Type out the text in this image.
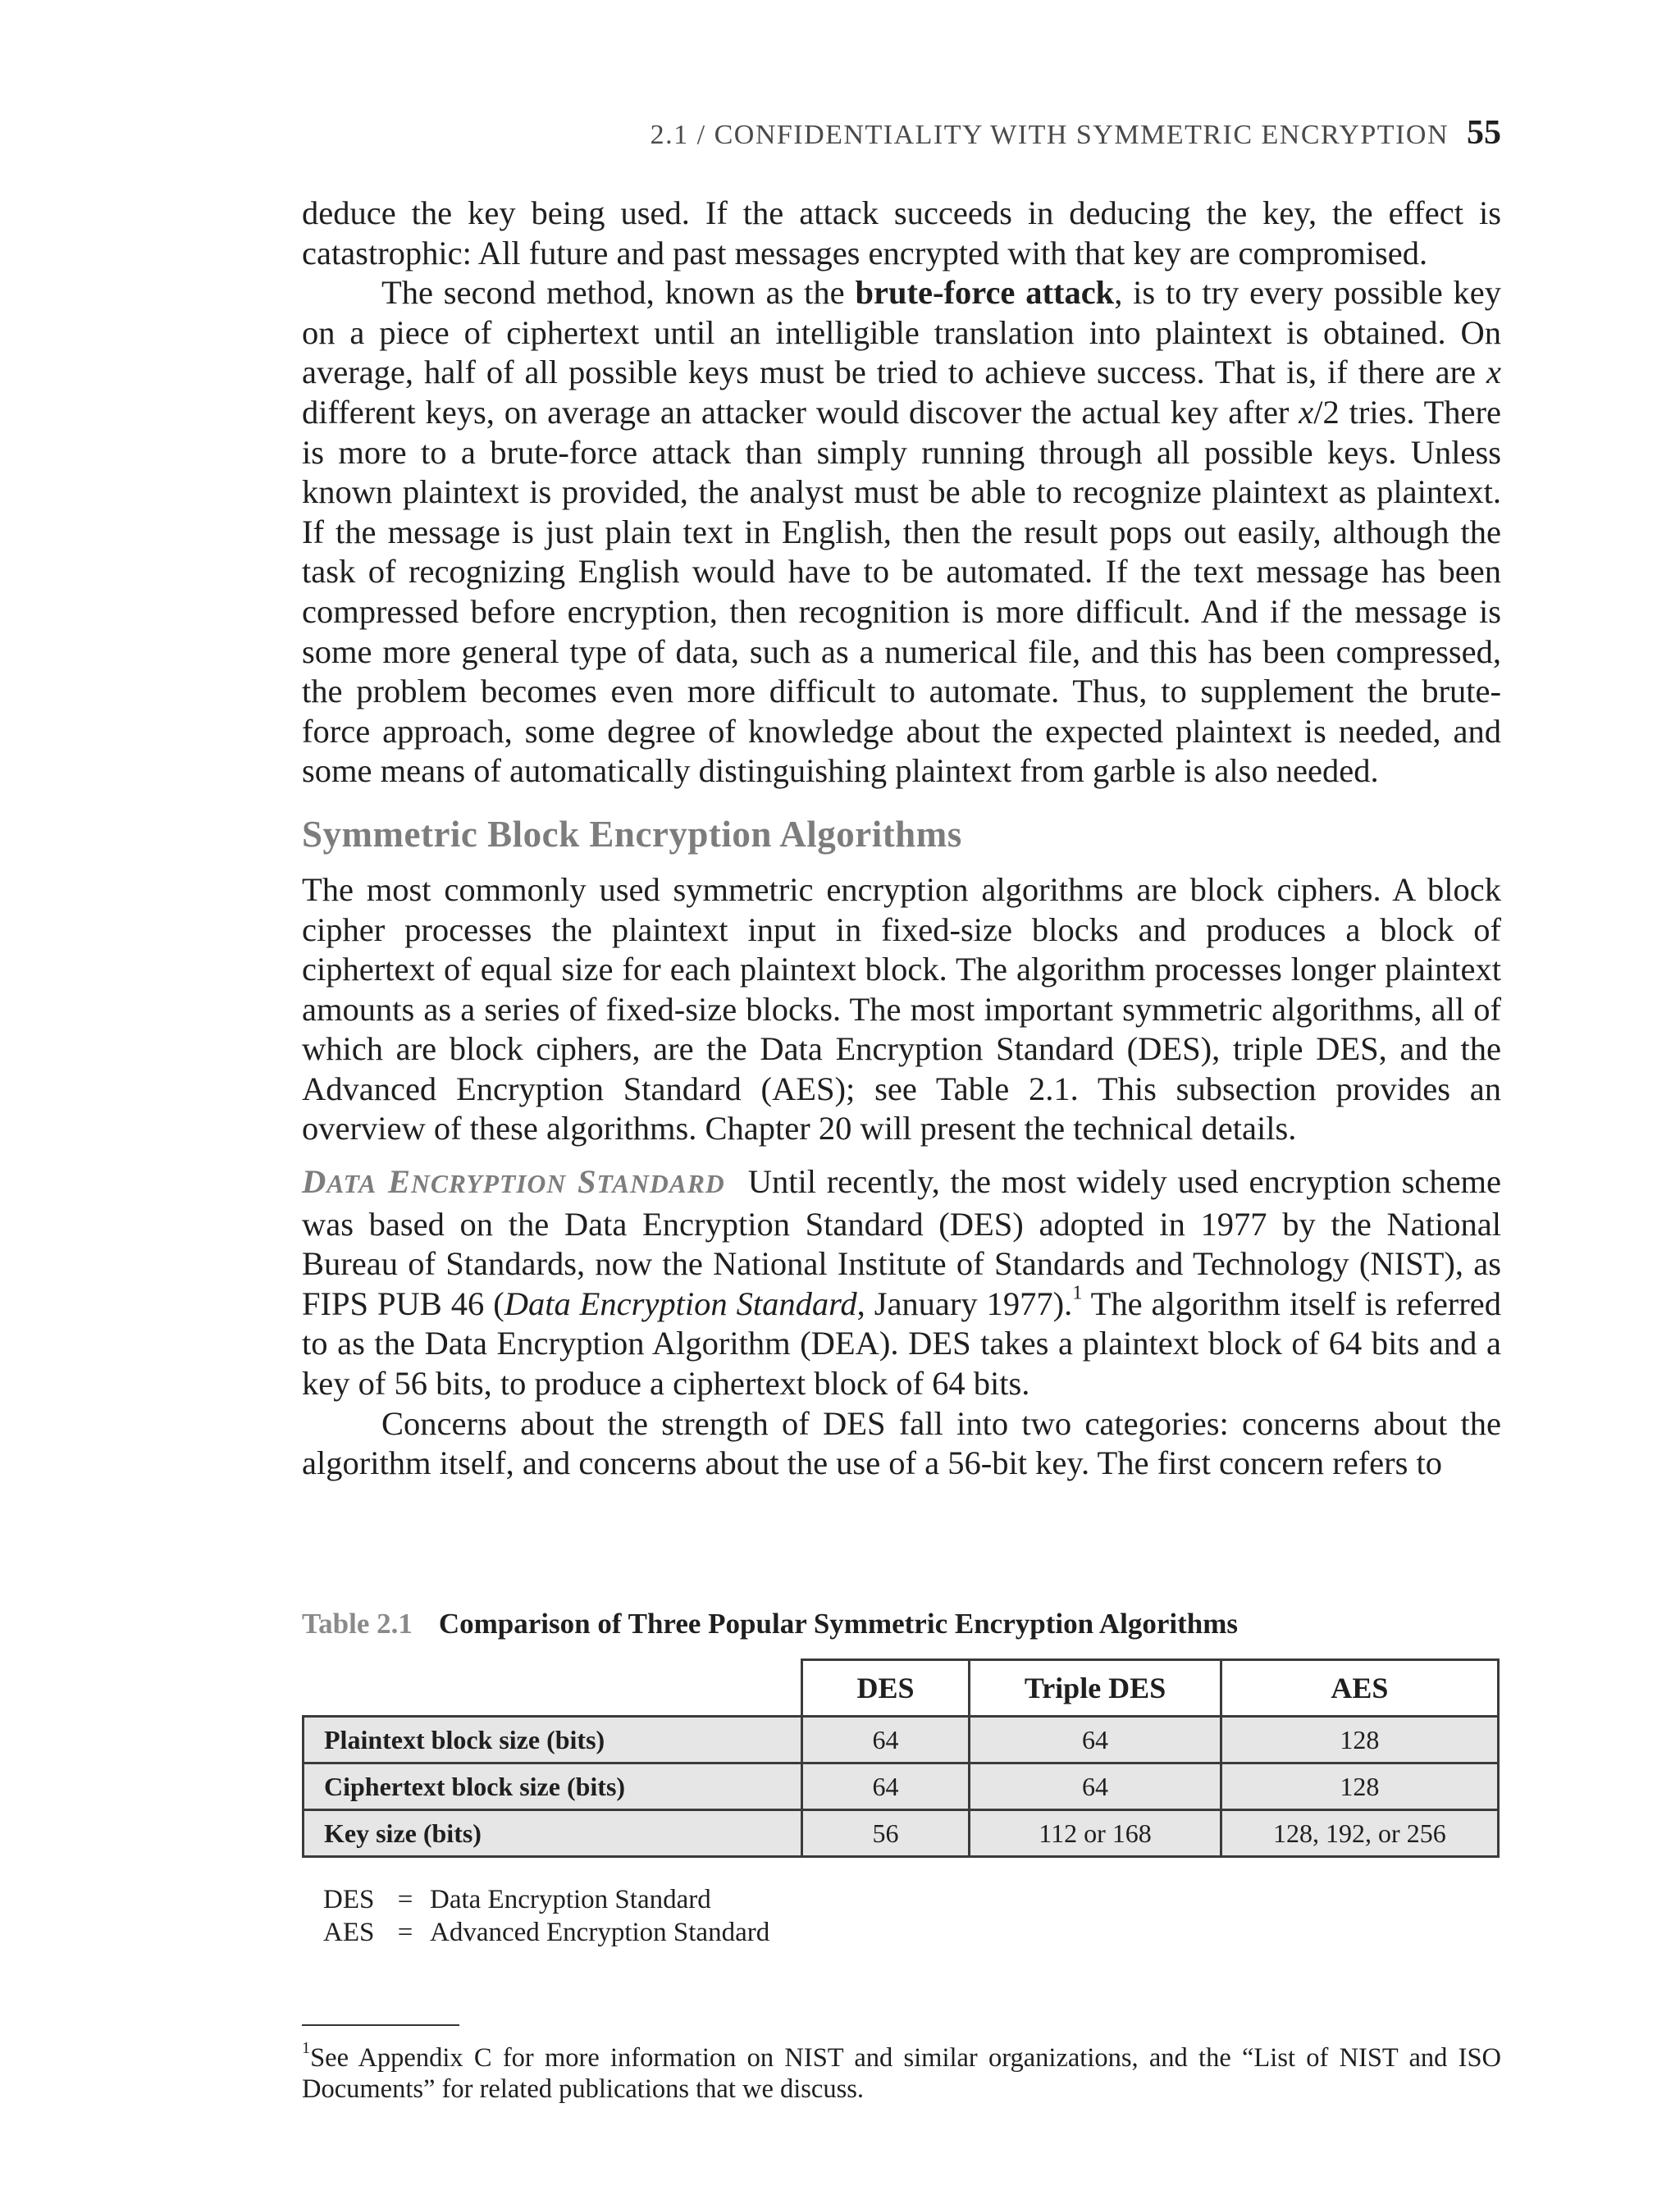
2.1 / CONFIDENTIALITY WITH SYMMETRIC ENCRYPTION 55

deduce the key being used. If the attack succeeds in deducing the key, the effect is catastrophic: All future and past messages encrypted with that key are compromised.

The second method, known as the brute-force attack, is to try every possible key on a piece of ciphertext until an intelligible translation into plaintext is obtained. On average, half of all possible keys must be tried to achieve success. That is, if there are x different keys, on average an attacker would discover the actual key after x/2 tries. There is more to a brute-force attack than simply running through all possible keys. Unless known plaintext is provided, the analyst must be able to recognize plaintext as plaintext. If the message is just plain text in English, then the result pops out easily, although the task of recognizing English would have to be automated. If the text message has been compressed before encryption, then recognition is more difficult. And if the message is some more general type of data, such as a numerical file, and this has been compressed, the problem becomes even more difficult to automate. Thus, to supplement the brute-force approach, some degree of knowledge about the expected plaintext is needed, and some means of automatically distinguishing plaintext from garble is also needed.

Symmetric Block Encryption Algorithms

The most commonly used symmetric encryption algorithms are block ciphers. A block cipher processes the plaintext input in fixed-size blocks and produces a block of ciphertext of equal size for each plaintext block. The algorithm processes longer plaintext amounts as a series of fixed-size blocks. The most important symmetric algorithms, all of which are block ciphers, are the Data Encryption Standard (DES), triple DES, and the Advanced Encryption Standard (AES); see Table 2.1. This subsection provides an overview of these algorithms. Chapter 20 will present the technical details.

DATA ENCRYPTION STANDARD Until recently, the most widely used encryption scheme was based on the Data Encryption Standard (DES) adopted in 1977 by the National Bureau of Standards, now the National Institute of Standards and Technology (NIST), as FIPS PUB 46 (Data Encryption Standard, January 1977).$^1$ The algorithm itself is referred to as the Data Encryption Algorithm (DEA). DES takes a plaintext block of 64 bits and a key of 56 bits, to produce a ciphertext block of 64 bits.

Concerns about the strength of DES fall into two categories: concerns about the algorithm itself, and concerns about the use of a 56-bit key. The first concern refers to

Table 2.1 Comparison of Three Popular Symmetric Encryption Algorithms
	DES	Triple DES	AES
Plaintext block size (bits)	64	64	128
Ciphertext block size (bits)	64	64	128
Key size (bits)	56	112 or 168	128, 192, or 256
DES = Data Encryption Standard
AES = Advanced Encryption Standard
$^1$See Appendix C for more information on NIST and similar organizations, and the “List of NIST and ISO Documents” for related publications that we discuss.
